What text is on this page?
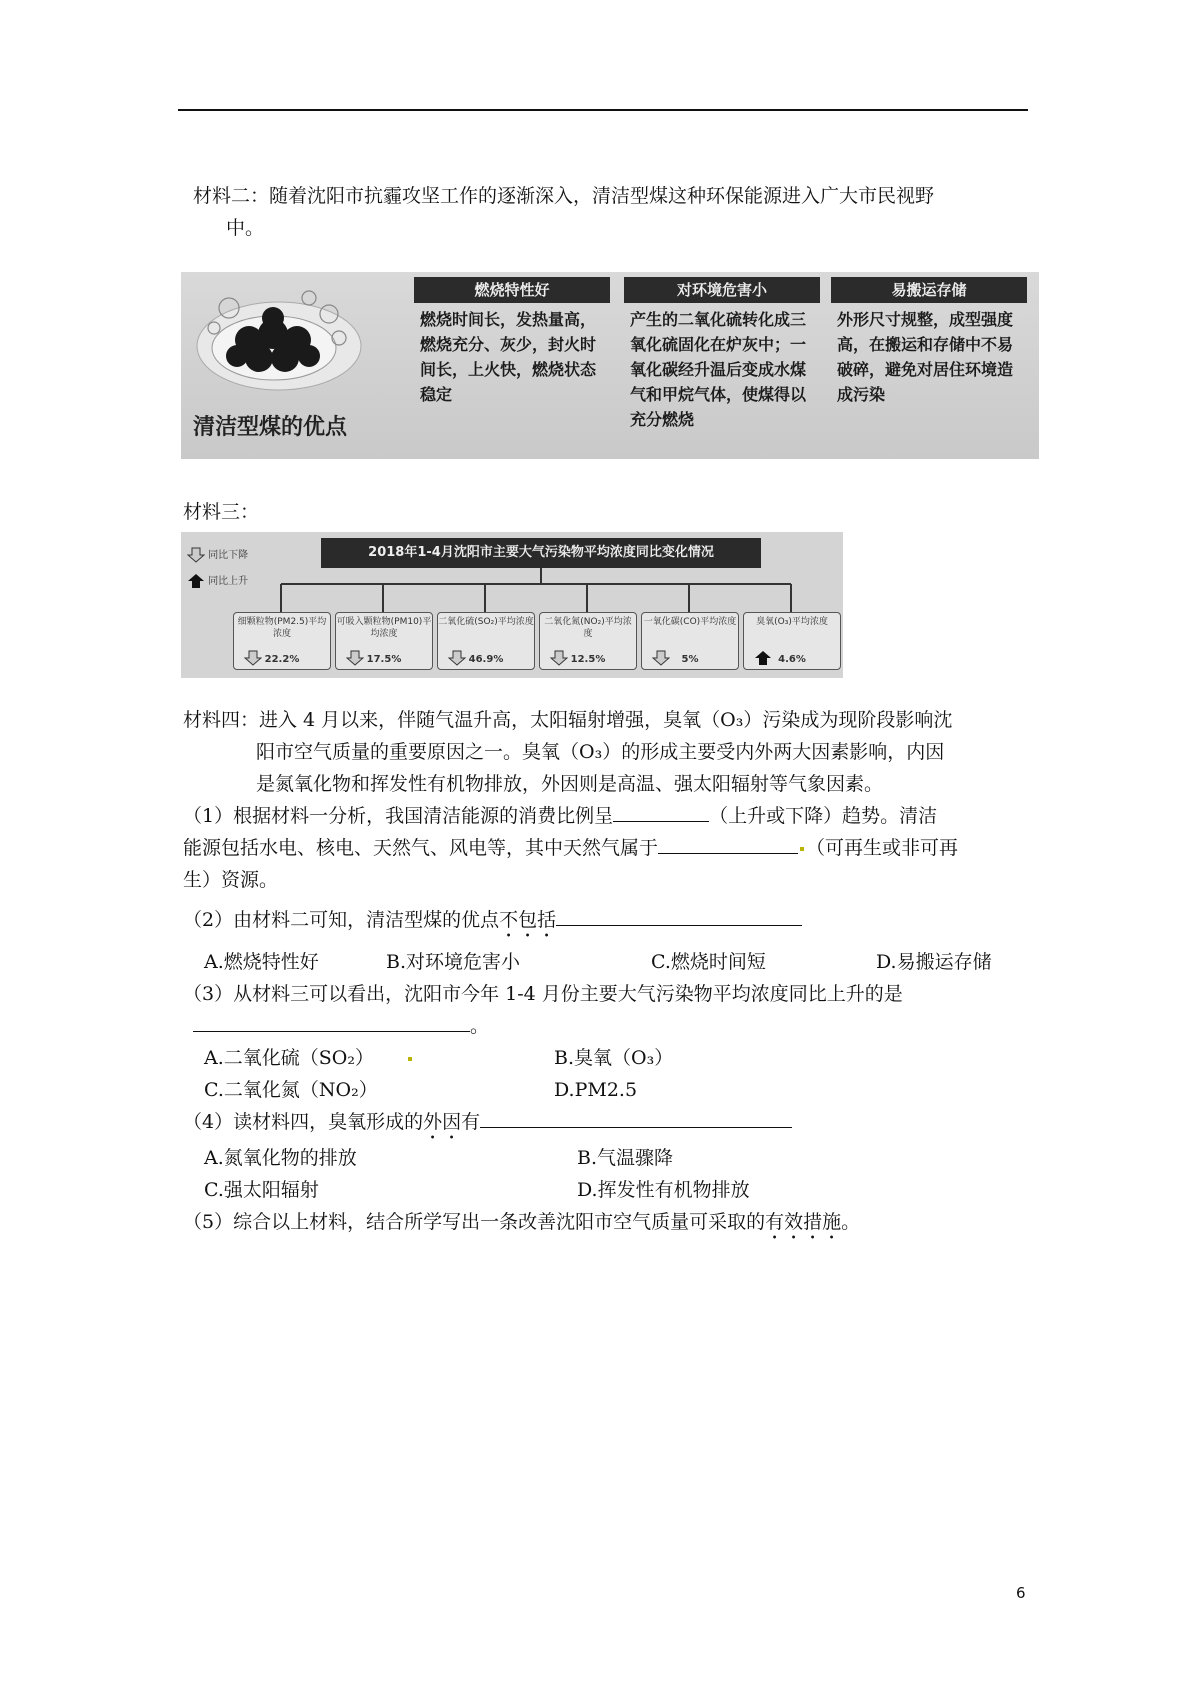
材料二：随着沈阳市抗霾攻坚工作的逐渐深入，清洁型煤这种环保能源进入广大市民视野
中。
清洁型煤的优点
燃烧特性好
燃烧时间长，发热量高，燃烧充分、灰少，封火时间长，上火快，燃烧状态稳定
对环境危害小
产生的二氧化硫转化成三氧化硫固化在炉灰中；一氧化碳经升温后变成水煤气和甲烷气体，使煤得以充分燃烧
易搬运存储
外形尺寸规整，成型强度高，在搬运和存储中不易破碎，避免对居住环境造成污染
材料三：
同比下降
同比上升
2018年1-4月沈阳市主要大气污染物平均浓度同比变化情况
细颗粒物(PM2.5)平均浓度
22.2%
可吸入颗粒物(PM10)平均浓度
17.5%
二氧化硫(SO₂)平均浓度
46.9%
二氧化氮(NO₂)平均浓度
12.5%
一氧化碳(CO)平均浓度
5%
臭氧(O₃)平均浓度
4.6%
材料四：进入 4 月以来，伴随气温升高，太阳辐射增强，臭氧（O₃）污染成为现阶段影响沈
阳市空气质量的重要原因之一。臭氧（O₃）的形成主要受内外两大因素影响，内因
是氮氧化物和挥发性有机物排放，外因则是高温、强太阳辐射等气象因素。
（1）根据材料一分析，我国清洁能源的消费比例呈	（上升或下降）趋势。清洁
能源包括水电、核电、天然气、风电等，其中天然气属于	（可再生或非可再
生）资源。
（2）由材料二可知，清洁型煤的优点不包括
A.燃烧特性好	B.对环境危害小	C.燃烧时间短	D.易搬运存储
（3）从材料三可以看出，沈阳市今年 1-4 月份主要大气污染物平均浓度同比上升的是
。
A.二氧化硫（SO₂）	B.臭氧（O₃）
C.二氧化氮（NO₂）	D.PM2.5
（4）读材料四，臭氧形成的外因有
A.氮氧化物的排放	B.气温骤降
C.强太阳辐射	D.挥发性有机物排放
（5）综合以上材料，结合所学写出一条改善沈阳市空气质量可采取的有效措施。
6
